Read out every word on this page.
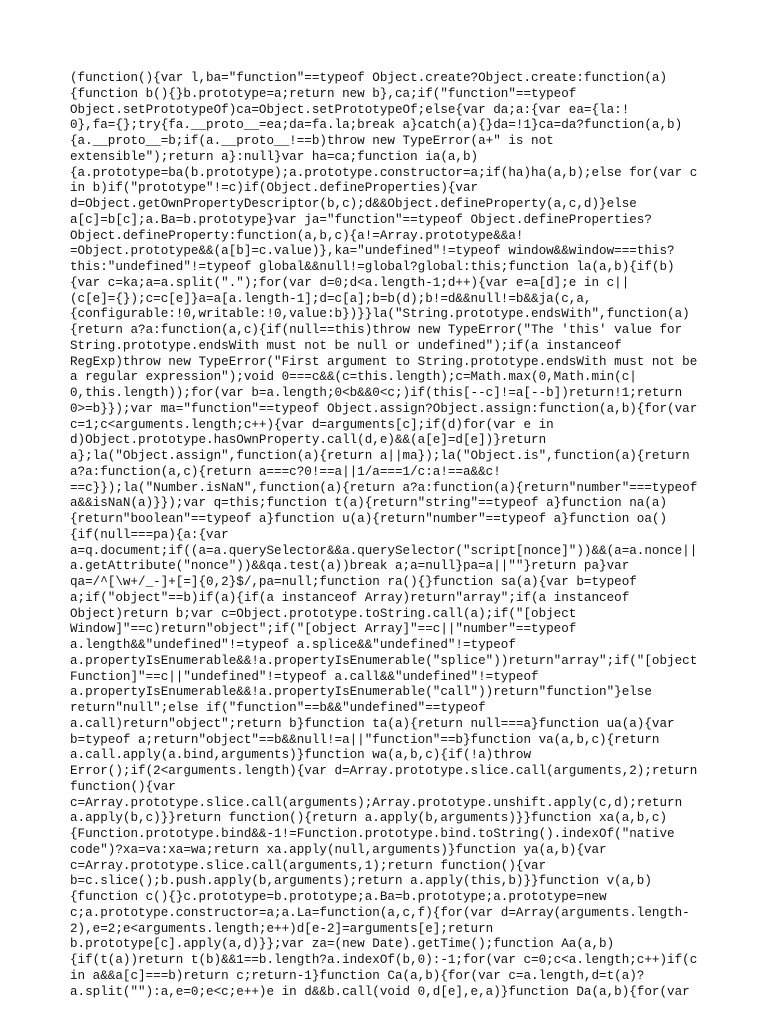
(function(){var l,ba="function"==typeof Object.create?Object.create:function(a)
{function b(){}b.prototype=a;return new b},ca;if("function"==typeof
Object.setPrototypeOf)ca=Object.setPrototypeOf;else{var da;a:{var ea={la:!
0},fa={};try{fa.__proto__=ea;da=fa.la;break a}catch(a){}da=!1}ca=da?function(a,b)
{a.__proto__=b;if(a.__proto__!==b)throw new TypeError(a+" is not
extensible");return a}:null}var ha=ca;function ia(a,b)
{a.prototype=ba(b.prototype);a.prototype.constructor=a;if(ha)ha(a,b);else for(var c
in b)if("prototype"!=c)if(Object.defineProperties){var
d=Object.getOwnPropertyDescriptor(b,c);d&&Object.defineProperty(a,c,d)}else
a[c]=b[c];a.Ba=b.prototype}var ja="function"==typeof Object.defineProperties?
Object.defineProperty:function(a,b,c){a!=Array.prototype&&a!
=Object.prototype&&(a[b]=c.value)},ka="undefined"!=typeof window&&window===this?
this:"undefined"!=typeof global&&null!=global?global:this;function la(a,b){if(b)
{var c=ka;a=a.split(".");for(var d=0;d<a.length-1;d++){var e=a[d];e in c||
(c[e]={});c=c[e]}a=a[a.length-1];d=c[a];b=b(d);b!=d&&null!=b&&ja(c,a,
{configurable:!0,writable:!0,value:b})}}la("String.prototype.endsWith",function(a)
{return a?a:function(a,c){if(null==this)throw new TypeError("The 'this' value for
String.prototype.endsWith must not be null or undefined");if(a instanceof
RegExp)throw new TypeError("First argument to String.prototype.endsWith must not be
a regular expression");void 0===c&&(c=this.length);c=Math.max(0,Math.min(c|
0,this.length));for(var b=a.length;0<b&&0<c;)if(this[--c]!=a[--b])return!1;return
0>=b}});var ma="function"==typeof Object.assign?Object.assign:function(a,b){for(var
c=1;c<arguments.length;c++){var d=arguments[c];if(d)for(var e in
d)Object.prototype.hasOwnProperty.call(d,e)&&(a[e]=d[e])}return
a};la("Object.assign",function(a){return a||ma});la("Object.is",function(a){return
a?a:function(a,c){return a===c?0!==a||1/a===1/c:a!==a&&c!
==c}});la("Number.isNaN",function(a){return a?a:function(a){return"number"===typeof
a&&isNaN(a)}});var q=this;function t(a){return"string"==typeof a}function na(a)
{return"boolean"==typeof a}function u(a){return"number"==typeof a}function oa()
{if(null===pa){a:{var
a=q.document;if((a=a.querySelector&&a.querySelector("script[nonce]"))&&(a=a.nonce||
a.getAttribute("nonce"))&&qa.test(a))break a;a=null}pa=a||""}return pa}var
qa=/^[\w+/_-]+[=]{0,2}$/,pa=null;function ra(){}function sa(a){var b=typeof
a;if("object"==b)if(a){if(a instanceof Array)return"array";if(a instanceof
Object)return b;var c=Object.prototype.toString.call(a);if("[object
Window]"==c)return"object";if("[object Array]"==c||"number"==typeof
a.length&&"undefined"!=typeof a.splice&&"undefined"!=typeof
a.propertyIsEnumerable&&!a.propertyIsEnumerable("splice"))return"array";if("[object
Function]"==c||"undefined"!=typeof a.call&&"undefined"!=typeof
a.propertyIsEnumerable&&!a.propertyIsEnumerable("call"))return"function"}else
return"null";else if("function"==b&&"undefined"==typeof
a.call)return"object";return b}function ta(a){return null===a}function ua(a){var
b=typeof a;return"object"==b&&null!=a||"function"==b}function va(a,b,c){return
a.call.apply(a.bind,arguments)}function wa(a,b,c){if(!a)throw
Error();if(2<arguments.length){var d=Array.prototype.slice.call(arguments,2);return
function(){var
c=Array.prototype.slice.call(arguments);Array.prototype.unshift.apply(c,d);return
a.apply(b,c)}}return function(){return a.apply(b,arguments)}}function xa(a,b,c)
{Function.prototype.bind&&-1!=Function.prototype.bind.toString().indexOf("native
code")?xa=va:xa=wa;return xa.apply(null,arguments)}function ya(a,b){var
c=Array.prototype.slice.call(arguments,1);return function(){var
b=c.slice();b.push.apply(b,arguments);return a.apply(this,b)}}function v(a,b)
{function c(){}c.prototype=b.prototype;a.Ba=b.prototype;a.prototype=new
c;a.prototype.constructor=a;a.La=function(a,c,f){for(var d=Array(arguments.length-
2),e=2;e<arguments.length;e++)d[e-2]=arguments[e];return
b.prototype[c].apply(a,d)}};var za=(new Date).getTime();function Aa(a,b)
{if(t(a))return t(b)&&1==b.length?a.indexOf(b,0):-1;for(var c=0;c<a.length;c++)if(c
in a&&a[c]===b)return c;return-1}function Ca(a,b){for(var c=a.length,d=t(a)?
a.split(""):a,e=0;e<c;e++)e in d&&b.call(void 0,d[e],e,a)}function Da(a,b){for(var
